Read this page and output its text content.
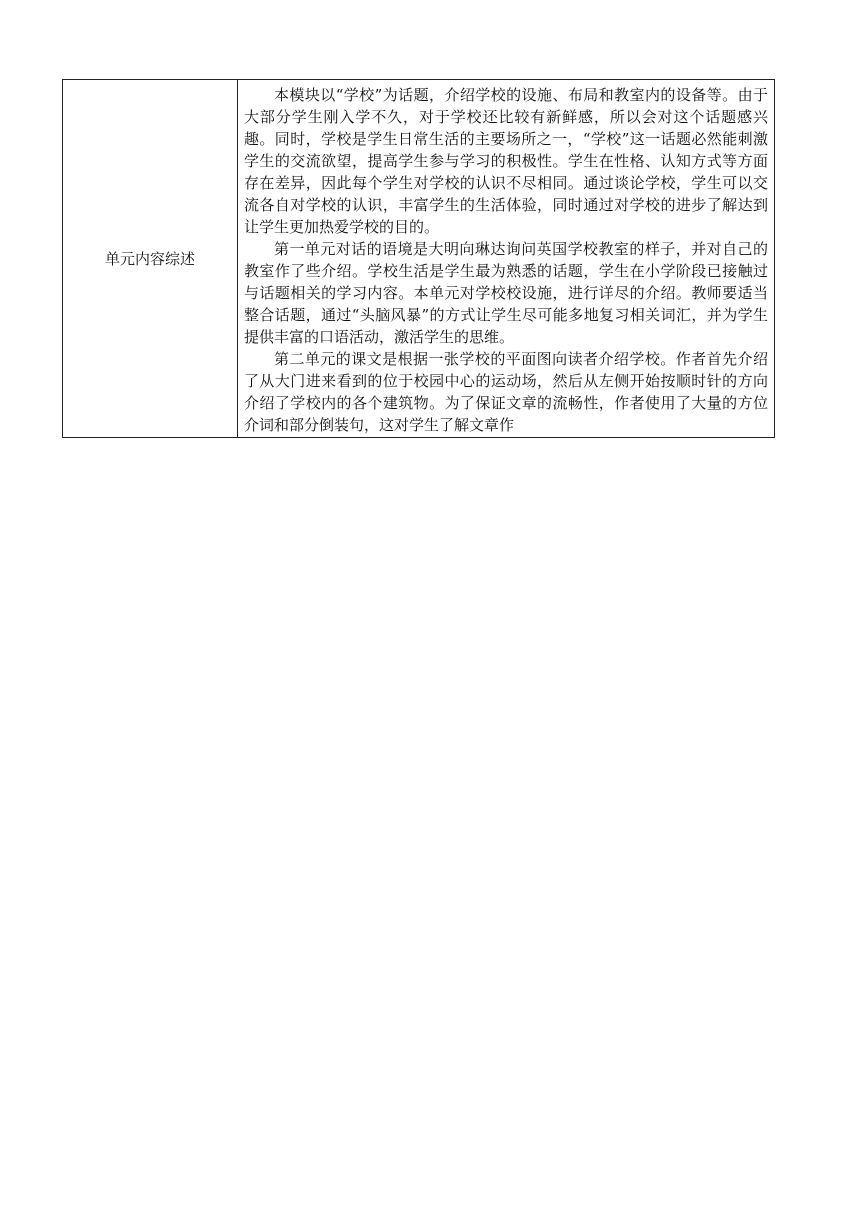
单元内容综述	

本模块以“学校”为话题，介绍学校的设施、布局和教室内的设备等。由于大部分学生刚入学不久，对于学校还比较有新鲜感，所以会对这个话题感兴趣。同时，学校是学生日常生活的主要场所之一，“学校”这一话题必然能刺激学生的交流欲望，提高学生参与学习的积极性。学生在性格、认知方式等方面存在差异，因此每个学生对学校的认识不尽相同。通过谈论学校，学生可以交流各自对学校的认识，丰富学生的生活体验，同时通过对学校的进步了解达到让学生更加热爱学校的目的。

第一单元对话的语境是大明向琳达询问英国学校教室的样子，并对自己的教室作了些介绍。学校生活是学生最为熟悉的话题，学生在小学阶段已接触过与话题相关的学习内容。本单元对学校校设施，进行详尽的介绍。教师要适当整合话题，通过“头脑风暴”的方式让学生尽可能多地复习相关词汇，并为学生提供丰富的口语活动，激活学生的思维。

第二单元的课文是根据一张学校的平面图向读者介绍学校。作者首先介绍了从大门进来看到的位于校园中心的运动场，然后从左侧开始按顺时针的方向介绍了学校内的各个建筑物。为了保证文章的流畅性，作者使用了大量的方位介词和部分倒装句，这对学生了解文章作
